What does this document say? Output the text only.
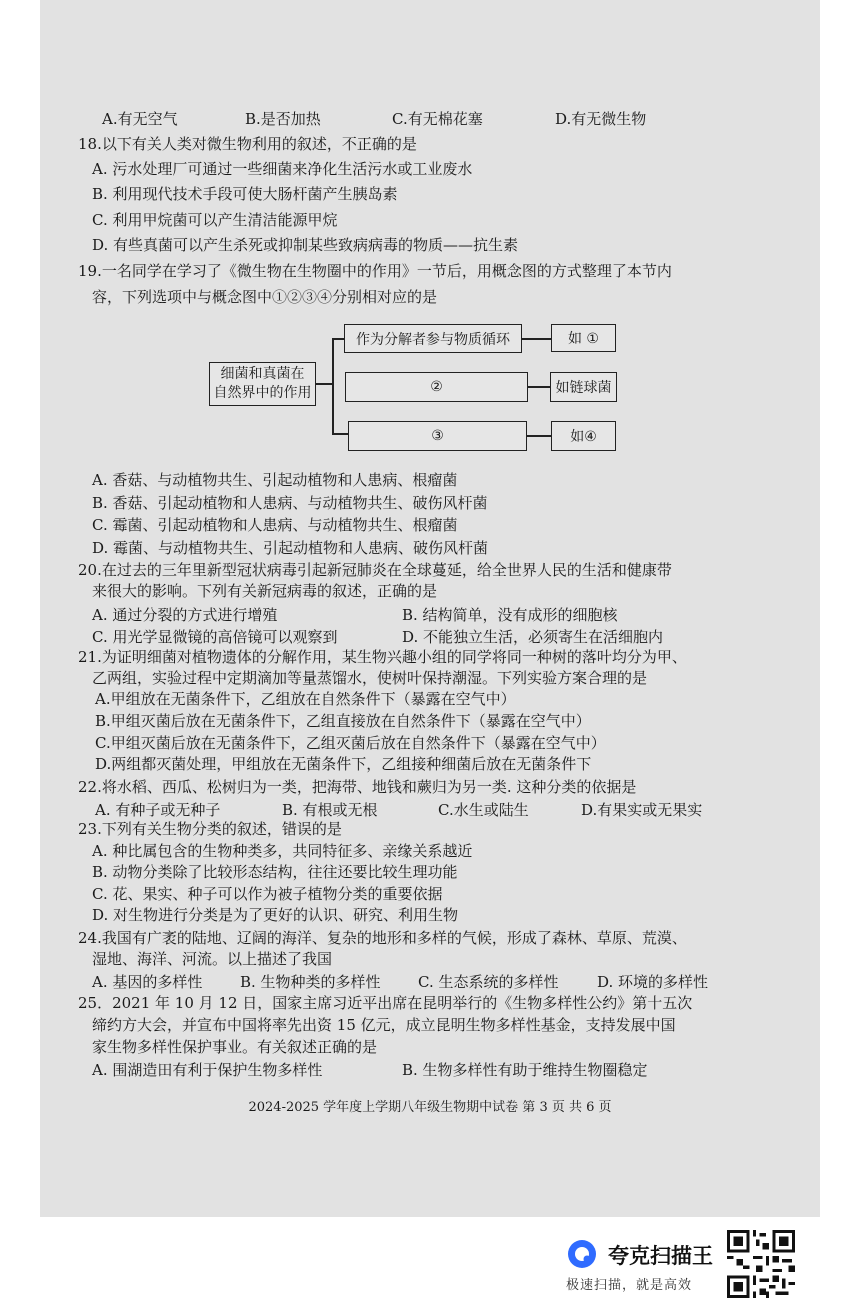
A.有无空气	B.是否加热	C.有无棉花塞	D.有无微生物
18.以下有关人类对微生物利用的叙述，不正确的是
A. 污水处理厂可通过一些细菌来净化生活污水或工业废水
B. 利用现代技术手段可使大肠杆菌产生胰岛素
C. 利用甲烷菌可以产生清洁能源甲烷
D. 有些真菌可以产生杀死或抑制某些致病病毒的物质——抗生素
19.一名同学在学习了《微生物在生物圈中的作用》一节后，用概念图的方式整理了本节内
容，下列选项中与概念图中①②③④分别相对应的是
细菌和真菌在
自然界中的作用
作为分解者参与物质循环
②
③
如 ①
如链球菌
如④
A. 香菇、与动植物共生、引起动植物和人患病、根瘤菌
B. 香菇、引起动植物和人患病、与动植物共生、破伤风杆菌
C. 霉菌、引起动植物和人患病、与动植物共生、根瘤菌
D. 霉菌、与动植物共生、引起动植物和人患病、破伤风杆菌
20.在过去的三年里新型冠状病毒引起新冠肺炎在全球蔓延，给全世界人民的生活和健康带
来很大的影响。下列有关新冠病毒的叙述，正确的是
A. 通过分裂的方式进行增殖	B. 结构简单，没有成形的细胞核
C. 用光学显微镜的高倍镜可以观察到	D. 不能独立生活，必须寄生在活细胞内
21.为证明细菌对植物遗体的分解作用，某生物兴趣小组的同学将同一种树的落叶均分为甲、
乙两组，实验过程中定期滴加等量蒸馏水，使树叶保持潮湿。下列实验方案合理的是
A.甲组放在无菌条件下，乙组放在自然条件下（暴露在空气中）
B.甲组灭菌后放在无菌条件下，乙组直接放在自然条件下（暴露在空气中）
C.甲组灭菌后放在无菌条件下，乙组灭菌后放在自然条件下（暴露在空气中）
D.两组都灭菌处理，甲组放在无菌条件下，乙组接种细菌后放在无菌条件下
22.将水稻、西瓜、松树归为一类，把海带、地钱和蕨归为另一类. 这种分类的依据是
A. 有种子或无种子	B. 有根或无根	C.水生或陆生	D.有果实或无果实
23.下列有关生物分类的叙述，错误的是
A. 种比属包含的生物种类多，共同特征多、亲缘关系越近
B. 动物分类除了比较形态结构，往往还要比较生理功能
C. 花、果实、种子可以作为被子植物分类的重要依据
D. 对生物进行分类是为了更好的认识、研究、利用生物
24.我国有广袤的陆地、辽阔的海洋、复杂的地形和多样的气候，形成了森林、草原、荒漠、
湿地、海洋、河流。以上描述了我国
A. 基因的多样性	B. 生物种类的多样性 C. 生态系统的多样性	D. 环境的多样性
25．2021 年 10 月 12 日，国家主席习近平出席在昆明举行的《生物多样性公约》第十五次
缔约方大会，并宣布中国将率先出资 15 亿元，成立昆明生物多样性基金，支持发展中国
家生物多样性保护事业。有关叙述正确的是
A. 围湖造田有利于保护生物多样性	B. 生物多样性有助于维持生物圈稳定
2024-2025 学年度上学期八年级生物期中试卷 第 3 页 共 6 页
夸克扫描王
极速扫描，就是高效
